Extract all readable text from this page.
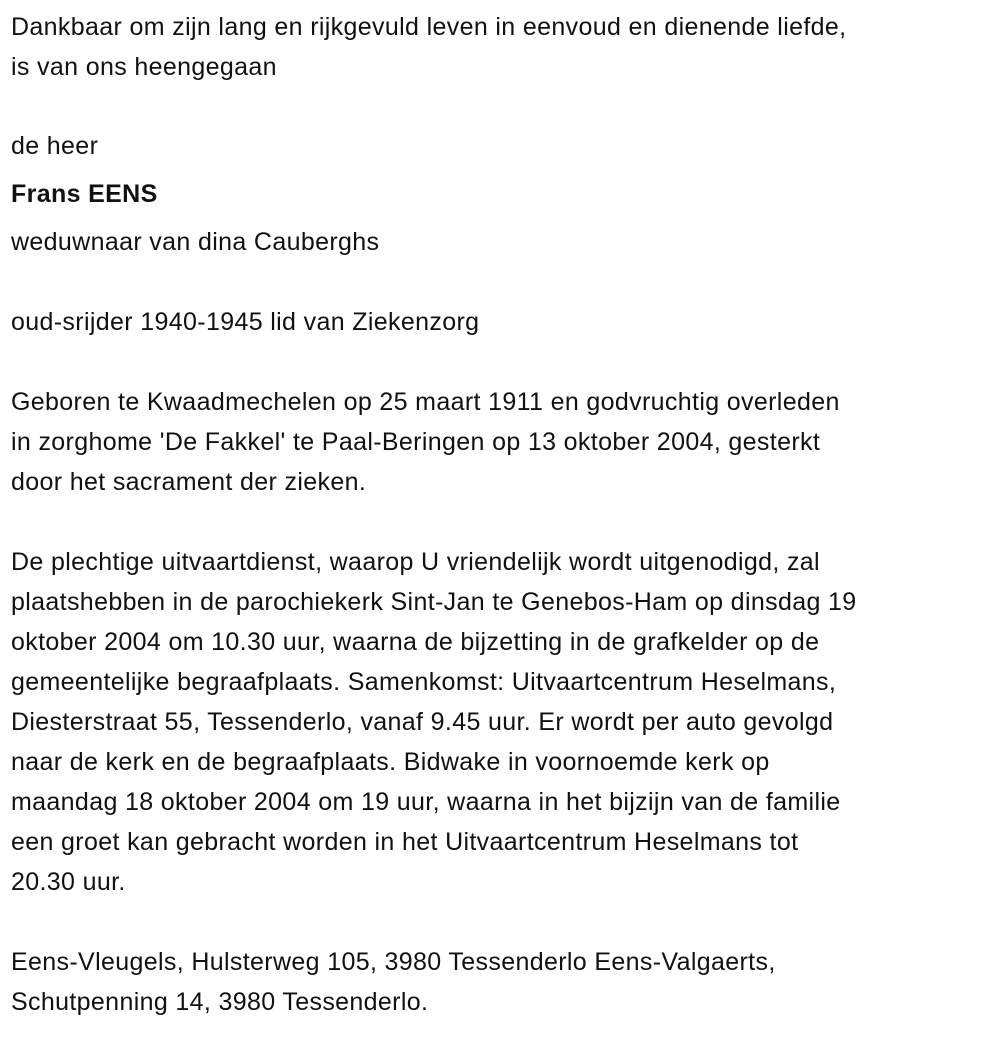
Dankbaar om zijn lang en rijkgevuld leven in eenvoud en dienende liefde,
is van ons heengegaan
de heer
Frans EENS
weduwnaar van dina Cauberghs
oud-srijder 1940-1945 lid van Ziekenzorg
Geboren te Kwaadmechelen op 25 maart 1911 en godvruchtig overleden
in zorghome 'De Fakkel' te Paal-Beringen op 13 oktober 2004, gesterkt
door het sacrament der zieken.
De plechtige uitvaartdienst, waarop U vriendelijk wordt uitgenodigd, zal
plaatshebben in de parochiekerk Sint-Jan te Genebos-Ham op dinsdag 19
oktober 2004 om 10.30 uur, waarna de bijzetting in de grafkelder op de
gemeentelijke begraafplaats. Samenkomst: Uitvaartcentrum Heselmans,
Diesterstraat 55, Tessenderlo, vanaf 9.45 uur. Er wordt per auto gevolgd
naar de kerk en de begraafplaats. Bidwake in voornoemde kerk op
maandag 18 oktober 2004 om 19 uur, waarna in het bijzijn van de familie
een groet kan gebracht worden in het Uitvaartcentrum Heselmans tot
20.30 uur.
Eens-Vleugels, Hulsterweg 105, 3980 Tessenderlo Eens-Valgaerts,
Schutpenning 14, 3980 Tessenderlo.
